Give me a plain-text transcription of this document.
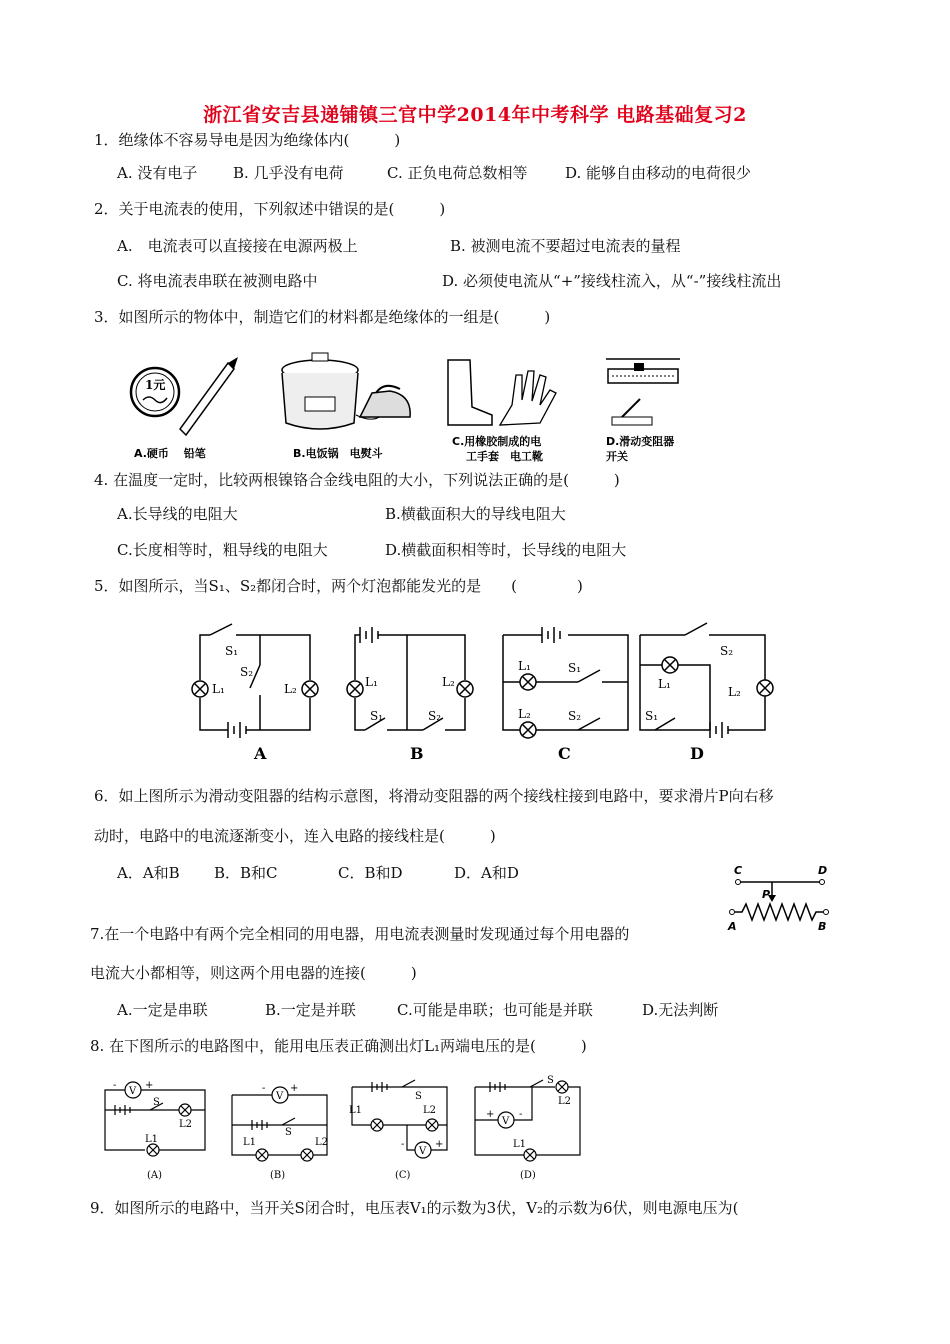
浙江省安吉县递铺镇三官中学2014年中考科学 电路基础复习2
1．绝缘体不容易导电是因为绝缘体内(　　　)
A. 没有电子 B. 几乎没有电荷	C. 正负电荷总数相等	D. 能够自由移动的电荷很少
2．关于电流表的使用，下列叙述中错误的是(　　　)
A.　电流表可以直接接在电源两极上	B. 被测电流不要超过电流表的量程
C. 将电流表串联在被测电路中	D. 必须使电流从“+”接线柱流入，从“-”接线柱流出
3．如图所示的物体中，制造它们的材料都是绝缘体的一组是(　　　)
1元
A.硬币　 铅笔	B.电饭锅　电熨斗
C.用橡胶制成的电
工手套　电工靴
D.滑动变阻器
开关
4. 在温度一定时，比较两根镍铬合金线电阻的大小，下列说法正确的是(　　　)
A.长导线的电阻大	B.横截面积大的导线电阻大
C.长度相等时，粗导线的电阻大	D.横截面积相等时，长导线的电阻大
5．如图所示，当S₁、S₂都闭合时，两个灯泡都能发光的是　　(　　　　)
S₁
S₂
L₁	L₂
A
L₁	L₂
S₁	S₂
B
L₁	S₁
L₂	S₂
C
S₂
L₁
L₂
S₁
D
6．如上图所示为滑动变阻器的结构示意图，将滑动变阻器的两个接线柱接到电路中，要求滑片P向右移
动时，电路中的电流逐渐变小，连入电路的接线柱是(　　　)
A．A和B B．B和C	C．B和D	D．A和D	C	D
P
A	B
7.在一个电路中有两个完全相同的用电器，用电流表测量时发现通过每个用电器的
电流大小都相等，则这两个用电器的连接(　　　)
A.一定是串联	B.一定是并联	C.可能是串联；也可能是并联	D.无法判断
8. 在下图所示的电路图中，能用电压表正确测出灯L₁两端电压的是(　　　)
V
-	+
S
L2
L1
(A)
V
- +
S
L1	L2
(B)
L1	L2
S
V
-	+
(C)
V
+ -
S
L2
L1
(D)
9．如图所示的电路中，当开关S闭合时，电压表V₁的示数为3伏，V₂的示数为6伏，则电源电压为(
